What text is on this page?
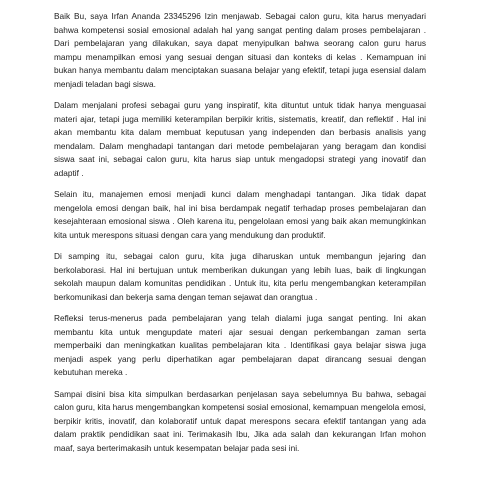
Baik Bu, saya Irfan Ananda 23345296 Izin menjawab. Sebagai calon guru, kita harus menyadari bahwa kompetensi sosial emosional adalah hal yang sangat penting dalam proses pembelajaran . Dari pembelajaran yang dilakukan, saya dapat menyipulkan bahwa seorang calon guru harus mampu menampilkan emosi yang sesuai dengan situasi dan konteks di kelas . Kemampuan ini bukan hanya membantu dalam menciptakan suasana belajar yang efektif, tetapi juga esensial dalam menjadi teladan bagi siswa.

Dalam menjalani profesi sebagai guru yang inspiratif, kita dituntut untuk tidak hanya menguasai materi ajar, tetapi juga memiliki keterampilan berpikir kritis, sistematis, kreatif, dan reflektif . Hal ini akan membantu kita dalam membuat keputusan yang independen dan berbasis analisis yang mendalam. Dalam menghadapi tantangan dari metode pembelajaran yang beragam dan kondisi siswa saat ini, sebagai calon guru, kita harus siap untuk mengadopsi strategi yang inovatif dan adaptif .

Selain itu, manajemen emosi menjadi kunci dalam menghadapi tantangan. Jika tidak dapat mengelola emosi dengan baik, hal ini bisa berdampak negatif terhadap proses pembelajaran dan kesejahteraan emosional siswa . Oleh karena itu, pengelolaan emosi yang baik akan memungkinkan kita untuk merespons situasi dengan cara yang mendukung dan produktif.

Di samping itu, sebagai calon guru, kita juga diharuskan untuk membangun jejaring dan berkolaborasi. Hal ini bertujuan untuk memberikan dukungan yang lebih luas, baik di lingkungan sekolah maupun dalam komunitas pendidikan . Untuk itu, kita perlu mengembangkan keterampilan berkomunikasi dan bekerja sama dengan teman sejawat dan orangtua .

Refleksi terus-menerus pada pembelajaran yang telah dialami juga sangat penting. Ini akan membantu kita untuk mengupdate materi ajar sesuai dengan perkembangan zaman serta memperbaiki dan meningkatkan kualitas pembelajaran kita . Identifikasi gaya belajar siswa juga menjadi aspek yang perlu diperhatikan agar pembelajaran dapat dirancang sesuai dengan kebutuhan mereka .

Sampai disini bisa kita simpulkan berdasarkan penjelasan saya sebelumnya Bu bahwa, sebagai calon guru, kita harus mengembangkan kompetensi sosial emosional, kemampuan mengelola emosi, berpikir kritis, inovatif, dan kolaboratif untuk dapat merespons secara efektif tantangan yang ada dalam praktik pendidikan saat ini. Terimakasih Ibu, Jika ada salah dan kekurangan Irfan mohon maaf, saya berterimakasih untuk kesempatan belajar pada sesi ini.
